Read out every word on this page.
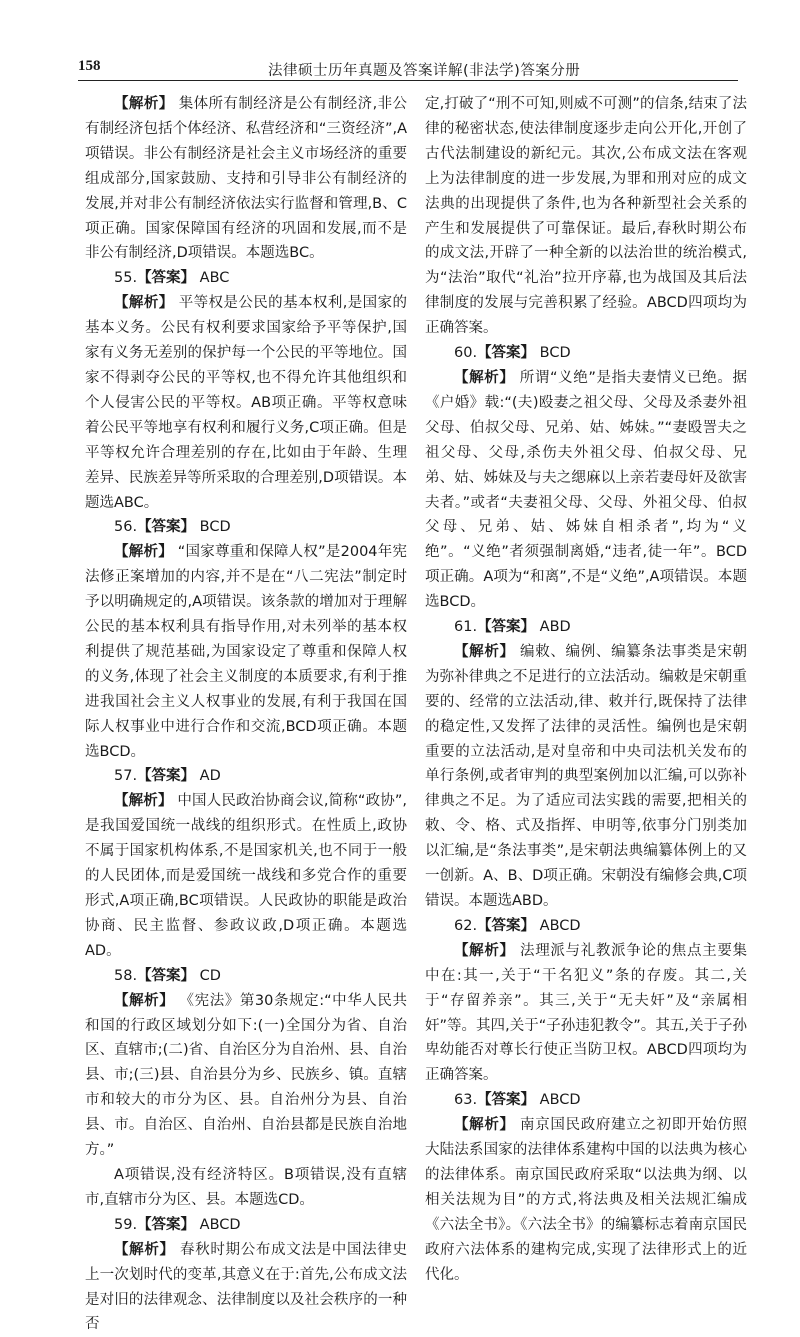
158	法律硕士历年真题及答案详解(非法学)答案分册

【解析】 集体所有制经济是公有制经济,非公有制经济包括个体经济、私营经济和“三资经济”,A项错误。非公有制经济是社会主义市场经济的重要组成部分,国家鼓励、支持和引导非公有制经济的发展,并对非公有制经济依法实行监督和管理,B、C项正确。国家保障国有经济的巩固和发展,而不是非公有制经济,D项错误。本题选BC。

55.【答案】 ABC

【解析】 平等权是公民的基本权利,是国家的基本义务。公民有权利要求国家给予平等保护,国家有义务无差别的保护每一个公民的平等地位。国家不得剥夺公民的平等权,也不得允许其他组织和个人侵害公民的平等权。AB项正确。平等权意味着公民平等地享有权利和履行义务,C项正确。但是平等权允许合理差别的存在,比如由于年龄、生理差异、民族差异等所采取的合理差别,D项错误。本题选ABC。

56.【答案】 BCD

【解析】 “国家尊重和保障人权”是2004年宪法修正案增加的内容,并不是在“八二宪法”制定时予以明确规定的,A项错误。该条款的增加对于理解公民的基本权利具有指导作用,对未列举的基本权利提供了规范基础,为国家设定了尊重和保障人权的义务,体现了社会主义制度的本质要求,有利于推进我国社会主义人权事业的发展,有利于我国在国际人权事业中进行合作和交流,BCD项正确。本题选BCD。

57.【答案】 AD

【解析】 中国人民政治协商会议,简称“政协”,是我国爱国统一战线的组织形式。在性质上,政协不属于国家机构体系,不是国家机关,也不同于一般的人民团体,而是爱国统一战线和多党合作的重要形式,A项正确,BC项错误。人民政协的职能是政治协商、民主监督、参政议政,D项正确。本题选AD。

58.【答案】 CD

【解析】 《宪法》第30条规定:“中华人民共和国的行政区域划分如下:(一)全国分为省、自治区、直辖市;(二)省、自治区分为自治州、县、自治县、市;(三)县、自治县分为乡、民族乡、镇。直辖市和较大的市分为区、县。自治州分为县、自治县、市。自治区、自治州、自治县都是民族自治地方。”

A项错误,没有经济特区。B项错误,没有直辖市,直辖市分为区、县。本题选CD。

59.【答案】 ABCD

【解析】 春秋时期公布成文法是中国法律史上一次划时代的变革,其意义在于:首先,公布成文法是对旧的法律观念、法律制度以及社会秩序的一种否

定,打破了“刑不可知,则威不可测”的信条,结束了法律的秘密状态,使法律制度逐步走向公开化,开创了古代法制建设的新纪元。其次,公布成文法在客观上为法律制度的进一步发展,为罪和刑对应的成文法典的出现提供了条件,也为各种新型社会关系的产生和发展提供了可靠保证。最后,春秋时期公布的成文法,开辟了一种全新的以法治世的统治模式,为“法治”取代“礼治”拉开序幕,也为战国及其后法律制度的发展与完善积累了经验。ABCD四项均为正确答案。

60.【答案】 BCD

【解析】 所谓“义绝”是指夫妻情义已绝。据《户婚》载:“(夫)殴妻之祖父母、父母及杀妻外祖父母、伯叔父母、兄弟、姑、姊妹。”“妻殴詈夫之祖父母、父母,杀伤夫外祖父母、伯叔父母、兄弟、姑、姊妹及与夫之缌麻以上亲若妻母奸及欲害夫者。”或者“夫妻祖父母、父母、外祖父母、伯叔父母、兄弟、姑、姊妹自相杀者”,均为“义绝”。“义绝”者须强制离婚,“违者,徒一年”。BCD项正确。A项为“和离”,不是“义绝”,A项错误。本题选BCD。

61.【答案】 ABD

【解析】 编敕、编例、编纂条法事类是宋朝为弥补律典之不足进行的立法活动。编敕是宋朝重要的、经常的立法活动,律、敕并行,既保持了法律的稳定性,又发挥了法律的灵活性。编例也是宋朝重要的立法活动,是对皇帝和中央司法机关发布的单行条例,或者审判的典型案例加以汇编,可以弥补律典之不足。为了适应司法实践的需要,把相关的敕、令、格、式及指挥、申明等,依事分门别类加以汇编,是“条法事类”,是宋朝法典编纂体例上的又一创新。A、B、D项正确。宋朝没有编修会典,C项错误。本题选ABD。

62.【答案】 ABCD

【解析】 法理派与礼教派争论的焦点主要集中在:其一,关于“干名犯义”条的存废。其二,关于“存留养亲”。其三,关于“无夫奸”及“亲属相奸”等。其四,关于“子孙违犯教令”。其五,关于子孙卑幼能否对尊长行使正当防卫权。ABCD四项均为正确答案。

63.【答案】 ABCD

【解析】 南京国民政府建立之初即开始仿照大陆法系国家的法律体系建构中国的以法典为核心的法律体系。南京国民政府采取“以法典为纲、以相关法规为目”的方式,将法典及相关法规汇编成《六法全书》。《六法全书》的编纂标志着南京国民政府六法体系的建构完成,实现了法律形式上的近代化。
